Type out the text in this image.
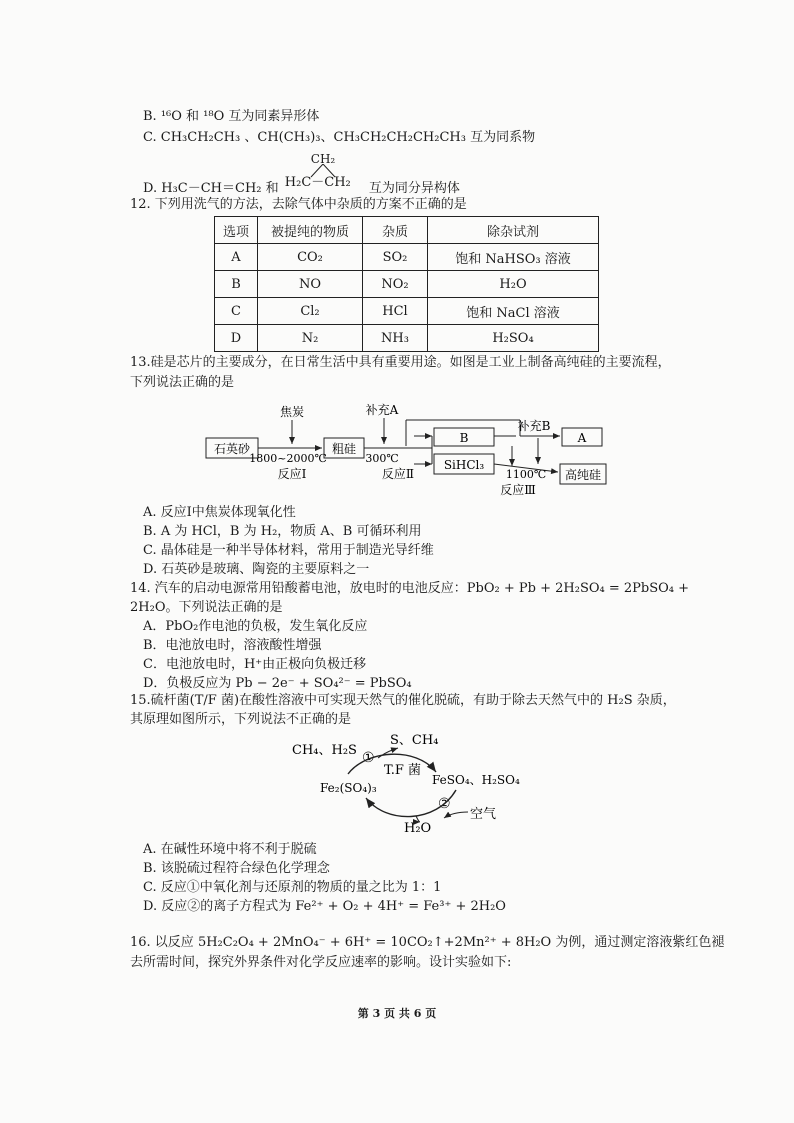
B. ¹⁶O 和 ¹⁸O 互为同素异形体
C. CH₃CH₂CH₃ 、CH(CH₃)₃、CH₃CH₂CH₂CH₂CH₃ 互为同系物
D. H₃C－CH＝CH₂ 和
CH₂
H₂C－CH₂ 互为同分异构体
12. 下列用洗气的方法，去除气体中杂质的方案不正确的是
选项	被提纯的物质	杂质	除杂试剂
A	CO₂	SO₂	饱和 NaHSO₃ 溶液
B	NO	NO₂	H₂O
C	Cl₂	HCl	饱和 NaCl 溶液
D	N₂	NH₃	H₂SO₄
13.硅是芯片的主要成分，在日常生活中具有重要用途。如图是工业上制备高纯硅的主要流程，
下列说法正确的是
石英砂	粗硅
B
SiHCl₃
A
高纯硅
焦炭
1800~2000℃
反应Ⅰ
补充A
300℃
反应Ⅱ
补充B
1100℃
反应Ⅲ
A. 反应Ⅰ中焦炭体现氧化性
B. A 为 HCl，B 为 H₂，物质 A、B 可循环利用
C. 晶体硅是一种半导体材料，常用于制造光导纤维
D. 石英砂是玻璃、陶瓷的主要原料之一
14. 汽车的启动电源常用铅酸蓄电池，放电时的电池反应：PbO₂ + Pb + 2H₂SO₄ = 2PbSO₄ +
2H₂O。下列说法正确的是
A．PbO₂作电池的负极，发生氧化反应
B．电池放电时，溶液酸性增强
C．电池放电时，H⁺由正极向负极迁移
D．负极反应为 Pb − 2e⁻ + SO₄²⁻ = PbSO₄
15.硫杆菌(T/F 菌)在酸性溶液中可实现天然气的催化脱硫，有助于除去天然气中的 H₂S 杂质，
其原理如图所示，下列说法不正确的是
CH₄、H₂S
S、CH₄
①
T.F 菌
Fe₂(SO₄)₃
FeSO₄、H₂SO₄
②
空气
H₂O
A. 在碱性环境中将不利于脱硫
B. 该脱硫过程符合绿色化学理念
C. 反应①中氧化剂与还原剂的物质的量之比为 1：1
D. 反应②的离子方程式为 Fe²⁺ + O₂ + 4H⁺ = Fe³⁺ + 2H₂O
16. 以反应 5H₂C₂O₄ + 2MnO₄⁻ + 6H⁺ = 10CO₂↑+2Mn²⁺ + 8H₂O 为例，通过测定溶液紫红色褪
去所需时间，探究外界条件对化学反应速率的影响。设计实验如下:
第 3 页 共 6 页
